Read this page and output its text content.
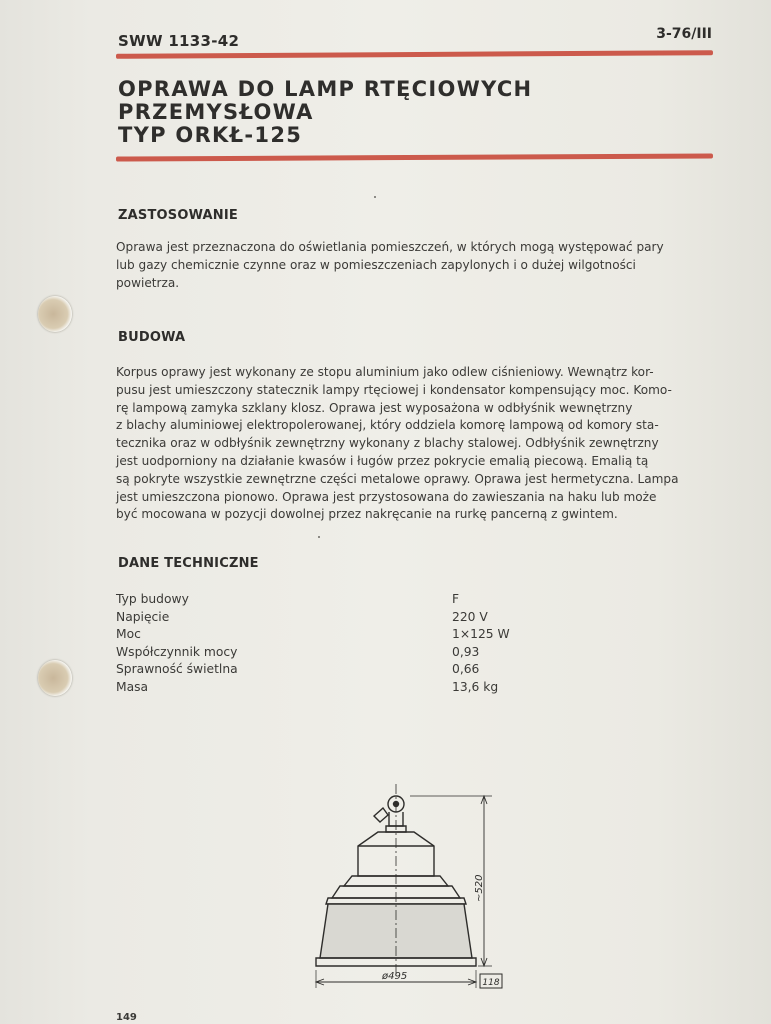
SWW 1133-42	3-76/III
OPRAWA DO LAMP RTĘCIOWYCH
PRZEMYSŁOWA
TYP ORKŁ-125
ZASTOSOWANIE
Oprawa jest przeznaczona do oświetlania pomieszczeń, w których mogą występować pary
lub gazy chemicznie czynne oraz w pomieszczeniach zapylonych i o dużej wilgotności
powietrza.
BUDOWA
Korpus oprawy jest wykonany ze stopu aluminium jako odlew ciśnieniowy. Wewnątrz kor-
pusu jest umieszczony statecznik lampy rtęciowej i kondensator kompensujący moc. Komo-
rę lampową zamyka szklany klosz. Oprawa jest wyposażona w odbłyśnik wewnętrzny
z blachy aluminiowej elektropolerowanej, który oddziela komorę lampową od komory sta-
tecznika oraz w odbłyśnik zewnętrzny wykonany z blachy stalowej. Odbłyśnik zewnętrzny
jest uodporniony na działanie kwasów i ługów przez pokrycie emalią piecową. Emalią tą
są pokryte wszystkie zewnętrzne części metalowe oprawy. Oprawa jest hermetyczna. Lampa
jest umieszczona pionowo. Oprawa jest przystosowana do zawieszania na haku lub może
być mocowana w pozycji dowolnej przez nakręcanie na rurkę pancerną z gwintem.
DANE TECHNICZNE
Typ budowy	F
Napięcie	220 V
Moc	1×125 W
Współczynnik mocy	0,93
Sprawność świetlna	0,66
Masa	13,6 kg
~520
ø495
118
149
